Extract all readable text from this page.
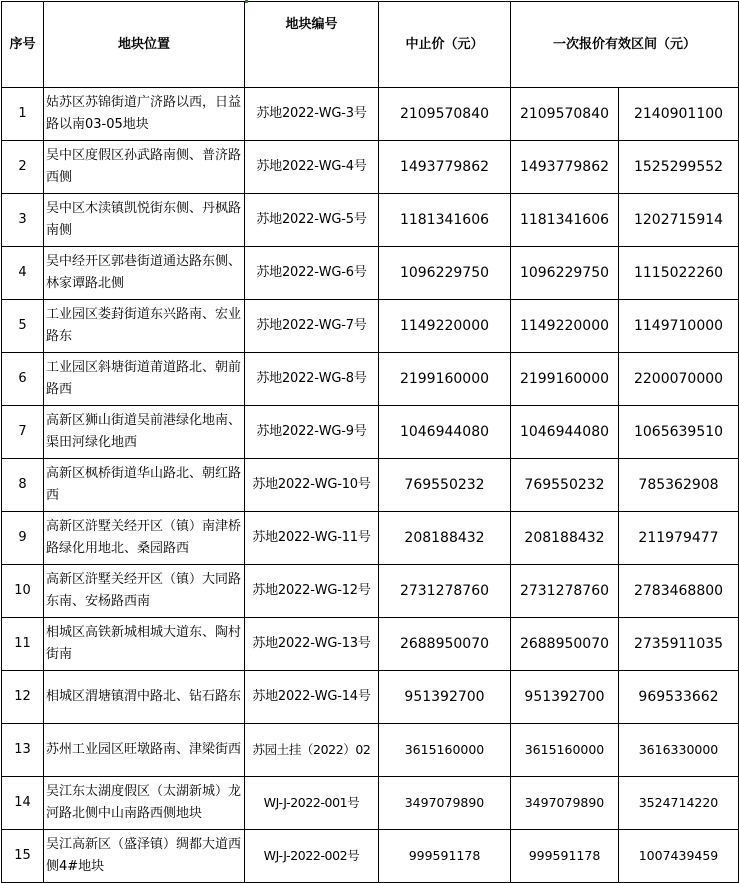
序号	地块位置	地块编号	中止价（元）	一次报价有效区间（元）	
1	姑苏区苏锦街道广济路以西，日益路以南03-05地块	苏地2022-WG-3号	2109570840	2109570840	2140901100
2	吴中区度假区孙武路南侧、普济路西侧	苏地2022-WG-4号	1493779862	1493779862	1525299552
3	吴中区木渎镇凯悦街东侧、丹枫路南侧	苏地2022-WG-5号	1181341606	1181341606	1202715914
4	吴中经开区郭巷街道通达路东侧、林家谭路北侧	苏地2022-WG-6号	1096229750	1096229750	1115022260
5	工业园区娄葑街道东兴路南、宏业路东	苏地2022-WG-7号	1149220000	1149220000	1149710000
6	工业园区斜塘街道莆道路北、朝前路西	苏地2022-WG-8号	2199160000	2199160000	2200070000
7	高新区狮山街道吴前港绿化地南、渠田河绿化地西	苏地2022-WG-9号	1046944080	1046944080	1065639510
8	高新区枫桥街道华山路北、朝红路西	苏地2022-WG-10号	769550232	769550232	785362908
9	高新区浒墅关经开区（镇）南津桥路绿化用地北、桑园路西	苏地2022-WG-11号	208188432	208188432	211979477
10	高新区浒墅关经开区（镇）大同路东南、安杨路西南	苏地2022-WG-12号	2731278760	2731278760	2783468800
11	相城区高铁新城相城大道东、陶村街南	苏地2022-WG-13号	2688950070	2688950070	2735911035
12	相城区渭塘镇渭中路北、钻石路东	苏地2022-WG-14号	951392700	951392700	969533662
13	苏州工业园区旺墩路南、津梁街西	苏园土挂（2022）02	3615160000	3615160000	3616330000
14	吴江东太湖度假区（太湖新城）龙河路北侧中山南路西侧地块	WJ-J-2022-001号	3497079890	3497079890	3524714220
15	吴江高新区（盛泽镇）绸都大道西侧4#地块	WJ-J-2022-002号	999591178	999591178	1007439459
